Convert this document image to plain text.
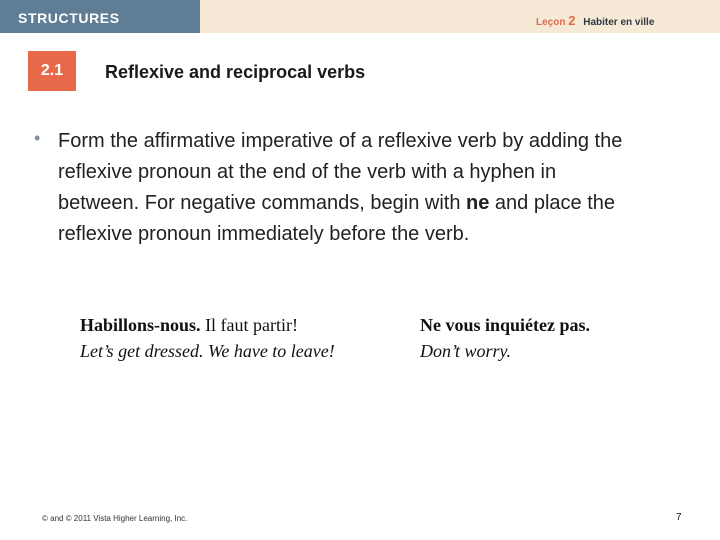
STRUCTURES	Leçon 2 Habiter en ville
2.1	Reflexive and reciprocal verbs
• Form the affirmative imperative of a reflexive verb by adding the reflexive pronoun at the end of the verb with a hyphen in between. For negative commands, begin with ne and place the reflexive pronoun immediately before the verb.
Habillons-nous. Il faut partir!
Let’s get dressed. We have to leave!
Ne vous inquiétez pas.
Don’t worry.
© and © 2011 Vista Higher Learning, Inc.	7
